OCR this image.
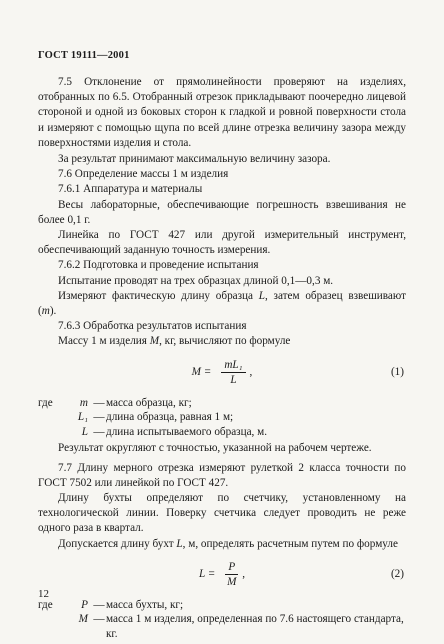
ГОСТ 19111—2001

7.5 Отклонение от прямолинейности проверяют на изделиях, отобранных по 6.5. Отобранный отрезок прикладывают поочередно лицевой стороной и одной из боковых сторон к гладкой и ровной поверхности стола и измеряют с помощью щупа по всей длине отрезка величину зазора между поверхностями изделия и стола.

За результат принимают максимальную величину зазора.

7.6 Определение массы 1 м изделия

7.6.1 Аппаратура и материалы

Весы лабораторные, обеспечивающие погрешность взвешивания не более 0,1 г.

Линейка по ГОСТ 427 или другой измерительный инструмент, обеспечивающий заданную точность измерения.

7.6.2 Подготовка и проведение испытания

Испытание проводят на трех образцах длиной 0,1—0,3 м.

Измеряют фактическую длину образца L, затем образец взвешивают (m).

7.6.3 Обработка результатов испытания

Массу 1 м изделия M, кг, вычисляют по формуле

$M = \frac{\text{mL₁}}{L}$ ,	(1)
где	m — масса образца, кг;
L₁ — длина образца, равная 1 м;
L — длина испытываемого образца, м.

Результат округляют с точностью, указанной на рабочем чертеже.

7.7 Длину мерного отрезка измеряют рулеткой 2 класса точности по ГОСТ 7502 или линейкой по ГОСТ 427.

Длину бухты определяют по счетчику, установленному на технологической линии. Поверку счетчика следует проводить не реже одного раза в квартал.

Допускается длину бухт L, м, определять расчетным путем по формуле

$L = \frac{P}{M}$ ,	(2)
где	P — масса бухты, кг;
M — масса 1 м изделия, определенная по 7.6 настоящего стандарта, кг.
12
